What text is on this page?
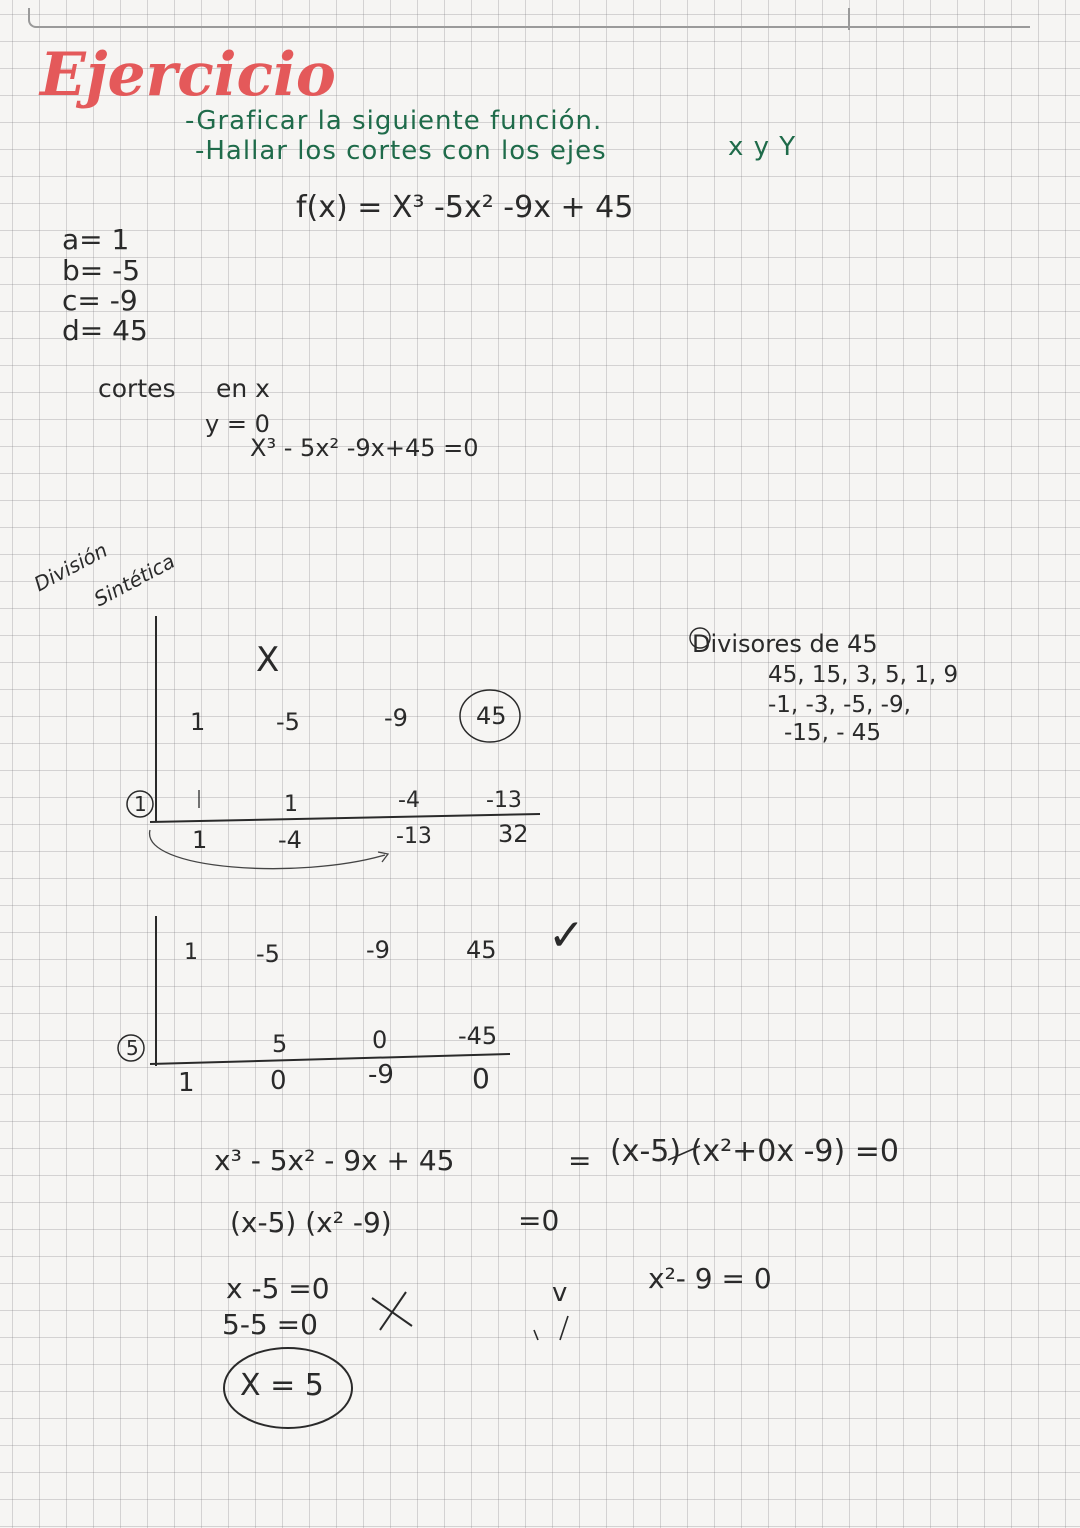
Ejercicio
-Graficar la siguiente función.
-Hallar los cortes con los ejes	x y Y
f(x) = X³ -5x² -9x + 45
a= 1
b= -5
c= -9
d= 45
cortes en x
y = 0
X³ - 5x² -9x+45 =0
División
Sintética
Divisores de 45
45, 15, 3, 5, 1, 9
-1, -3, -5, -9,
-15, - 45
X
1	-5	-9	45
1	1	-4	-13
1	-4	-13	32
1 -5	-9	45 ✓
5	5	0	-45
1	0	-9	0
x³ - 5x² - 9x + 45	= (x-5) (x²+0x -9) =0
(x-5) (x² -9)	=0
x -5 =0
5-5 =0
X = 5
v	x²- 9 = 0
